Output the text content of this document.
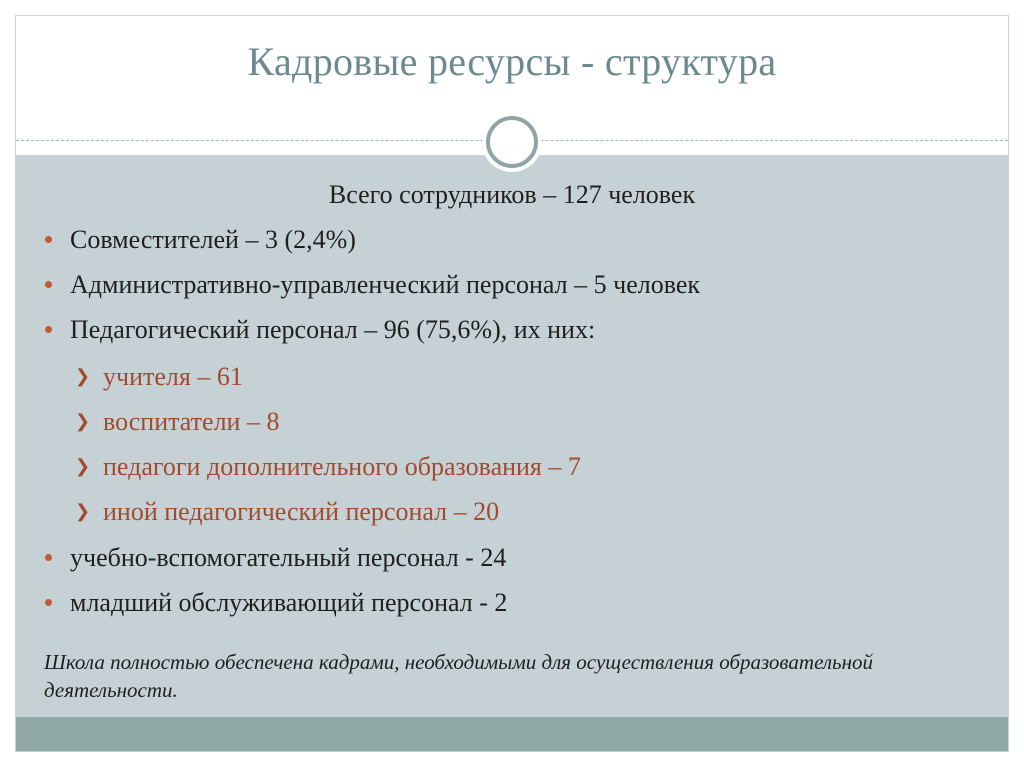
Кадровые ресурсы - структура
Всего сотрудников – 127 человек
Совместителей – 3 (2,4%)
Административно-управленческий персонал – 5 человек
Педагогический персонал – 96 (75,6%), их них:
❯ учителя – 61
❯ воспитатели – 8
❯ педагоги дополнительного образования – 7
❯ иной педагогический персонал – 20
учебно-вспомогательный персонал - 24
младший обслуживающий персонал - 2
Школа полностью обеспечена кадрами, необходимыми для осуществления образовательной деятельности.
